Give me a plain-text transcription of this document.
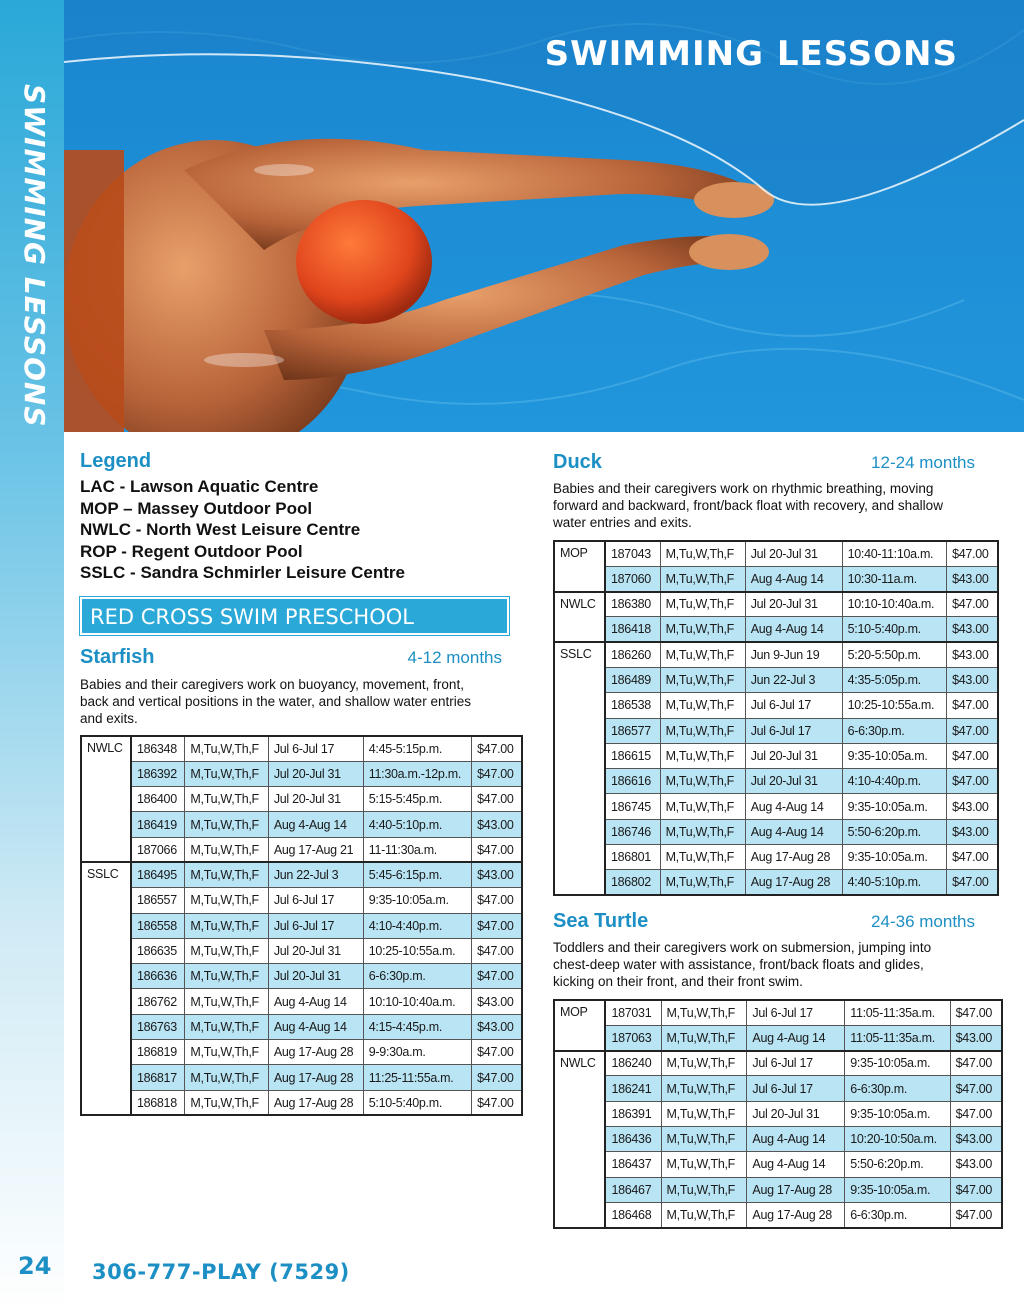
SWIMMING LESSONS
24
SWIMMING LESSONS
Legend
LAC - Lawson Aquatic Centre
MOP – Massey Outdoor Pool
NWLC - North West Leisure Centre
ROP - Regent Outdoor Pool
SSLC - Sandra Schmirler Leisure Centre
RED CROSS SWIM PRESCHOOL
Starfish	4-12 months
Babies and their caregivers work on buoyancy, movement, front,
back and vertical positions in the water, and shallow water entries
and exits.
NWLC	186348	M,Tu,W,Th,F	Jul 6-Jul 17	4:45-5:15p.m.	$47.00
	186392	M,Tu,W,Th,F	Jul 20-Jul 31	11:30a.m.-12p.m.	$47.00
	186400	M,Tu,W,Th,F	Jul 20-Jul 31	5:15-5:45p.m.	$47.00
	186419	M,Tu,W,Th,F	Aug 4-Aug 14	4:40-5:10p.m.	$43.00
	187066	M,Tu,W,Th,F	Aug 17-Aug 21	11-11:30a.m.	$47.00
SSLC	186495	M,Tu,W,Th,F	Jun 22-Jul 3	5:45-6:15p.m.	$43.00
	186557	M,Tu,W,Th,F	Jul 6-Jul 17	9:35-10:05a.m.	$47.00
	186558	M,Tu,W,Th,F	Jul 6-Jul 17	4:10-4:40p.m.	$47.00
	186635	M,Tu,W,Th,F	Jul 20-Jul 31	10:25-10:55a.m.	$47.00
	186636	M,Tu,W,Th,F	Jul 20-Jul 31	6-6:30p.m.	$47.00
	186762	M,Tu,W,Th,F	Aug 4-Aug 14	10:10-10:40a.m.	$43.00
	186763	M,Tu,W,Th,F	Aug 4-Aug 14	4:15-4:45p.m.	$43.00
	186819	M,Tu,W,Th,F	Aug 17-Aug 28	9-9:30a.m.	$47.00
	186817	M,Tu,W,Th,F	Aug 17-Aug 28	11:25-11:55a.m.	$47.00
	186818	M,Tu,W,Th,F	Aug 17-Aug 28	5:10-5:40p.m.	$47.00
Duck	12-24 months
Babies and their caregivers work on rhythmic breathing, moving
forward and backward, front/back float with recovery, and shallow
water entries and exits.
MOP	187043	M,Tu,W,Th,F	Jul 20-Jul 31	10:40-11:10a.m.	$47.00
	187060	M,Tu,W,Th,F	Aug 4-Aug 14	10:30-11a.m.	$43.00
NWLC	186380	M,Tu,W,Th,F	Jul 20-Jul 31	10:10-10:40a.m.	$47.00
	186418	M,Tu,W,Th,F	Aug 4-Aug 14	5:10-5:40p.m.	$43.00
SSLC	186260	M,Tu,W,Th,F	Jun 9-Jun 19	5:20-5:50p.m.	$43.00
	186489	M,Tu,W,Th,F	Jun 22-Jul 3	4:35-5:05p.m.	$43.00
	186538	M,Tu,W,Th,F	Jul 6-Jul 17	10:25-10:55a.m.	$47.00
	186577	M,Tu,W,Th,F	Jul 6-Jul 17	6-6:30p.m.	$47.00
	186615	M,Tu,W,Th,F	Jul 20-Jul 31	9:35-10:05a.m.	$47.00
	186616	M,Tu,W,Th,F	Jul 20-Jul 31	4:10-4:40p.m.	$47.00
	186745	M,Tu,W,Th,F	Aug 4-Aug 14	9:35-10:05a.m.	$43.00
	186746	M,Tu,W,Th,F	Aug 4-Aug 14	5:50-6:20p.m.	$43.00
	186801	M,Tu,W,Th,F	Aug 17-Aug 28	9:35-10:05a.m.	$47.00
	186802	M,Tu,W,Th,F	Aug 17-Aug 28	4:40-5:10p.m.	$47.00
Sea Turtle	24-36 months
Toddlers and their caregivers work on submersion, jumping into
chest-deep water with assistance, front/back floats and glides,
kicking on their front, and their front swim.
MOP	187031	M,Tu,W,Th,F	Jul 6-Jul 17	11:05-11:35a.m.	$47.00
	187063	M,Tu,W,Th,F	Aug 4-Aug 14	11:05-11:35a.m.	$43.00
NWLC	186240	M,Tu,W,Th,F	Jul 6-Jul 17	9:35-10:05a.m.	$47.00
	186241	M,Tu,W,Th,F	Jul 6-Jul 17	6-6:30p.m.	$47.00
	186391	M,Tu,W,Th,F	Jul 20-Jul 31	9:35-10:05a.m.	$47.00
	186436	M,Tu,W,Th,F	Aug 4-Aug 14	10:20-10:50a.m.	$43.00
	186437	M,Tu,W,Th,F	Aug 4-Aug 14	5:50-6:20p.m.	$43.00
	186467	M,Tu,W,Th,F	Aug 17-Aug 28	9:35-10:05a.m.	$47.00
	186468	M,Tu,W,Th,F	Aug 17-Aug 28	6-6:30p.m.	$47.00
306-777-PLAY (7529)
